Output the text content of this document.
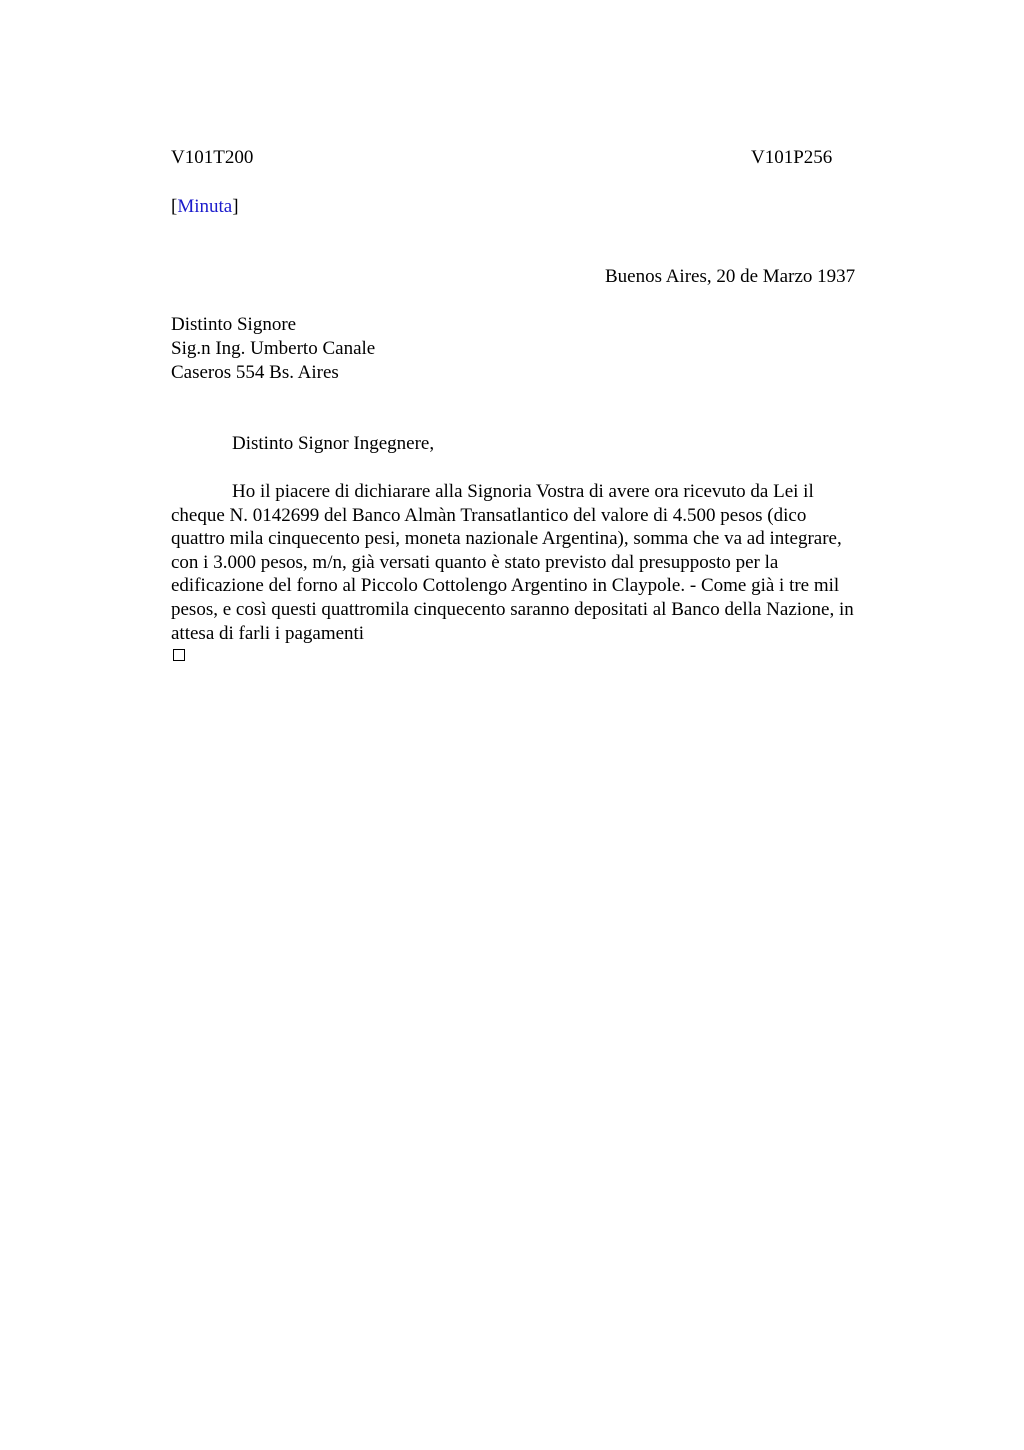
V101T200	V101P256
[Minuta]
Buenos Aires, 20 de Marzo 1937
Distinto Signore
Sig.n Ing. Umberto Canale
Caseros 554 Bs. Aires
Distinto Signor Ingegnere,
Ho il piacere di dichiarare alla Signoria Vostra di avere ora ricevuto da Lei il
cheque N. 0142699 del Banco Almàn Transatlantico del valore di 4.500 pesos (dico
quattro mila cinquecento pesi, moneta nazionale Argentina), somma che va ad integrare,
con i 3.000 pesos, m/n, già versati quanto è stato previsto dal presupposto per la
edificazione del forno al Piccolo Cottolengo Argentino in Claypole. - Come già i tre mil
pesos, e così questi quattromila cinquecento saranno depositati al Banco della Nazione, in
attesa di farli i pagamenti
